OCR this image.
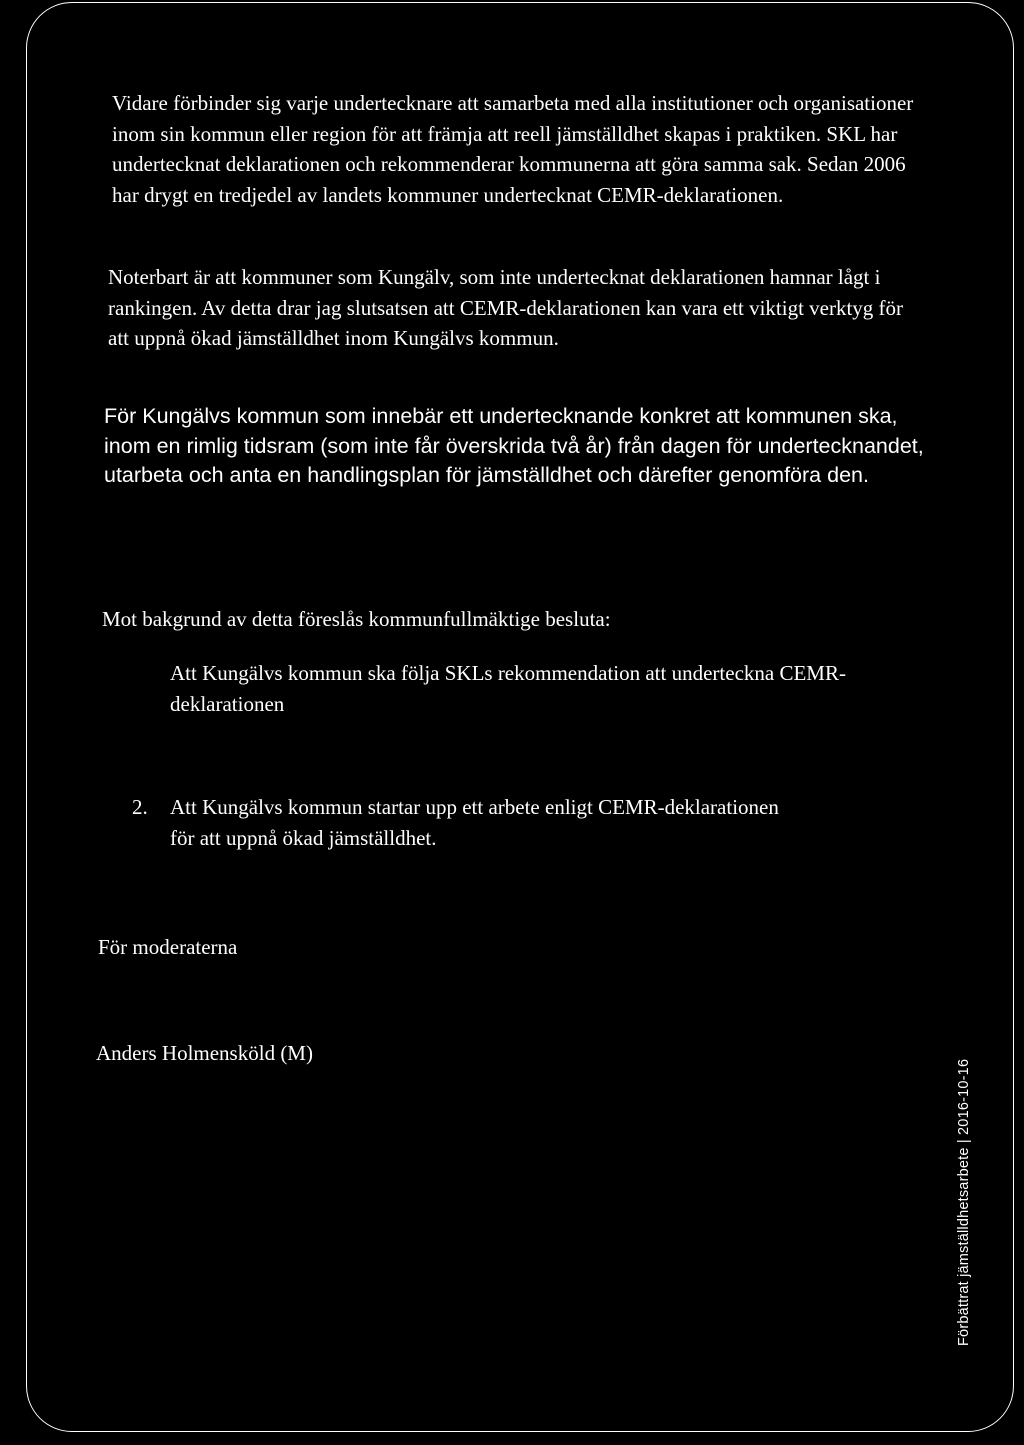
Vidare förbinder sig varje undertecknare att samarbeta med alla institutioner och organisationer inom sin kommun eller region för att främja att reell jämställdhet skapas i praktiken. SKL har undertecknat deklarationen och rekommenderar kommunerna att göra samma sak. Sedan 2006 har drygt en tredjedel av landets kommuner undertecknat CEMR-deklarationen.

Noterbart är att kommuner som Kungälv, som inte undertecknat deklarationen hamnar lågt i rankingen. Av detta drar jag slutsatsen att CEMR-deklarationen kan vara ett viktigt verktyg för att uppnå ökad jämställdhet inom Kungälvs kommun.

För Kungälvs kommun som innebär ett undertecknande konkret att kommunen ska, inom en rimlig tidsram (som inte får överskrida två år) från dagen för undertecknandet, utarbeta och anta en handlingsplan för jämställdhet och därefter genomföra den.

Mot bakgrund av detta föreslås kommunfullmäktige besluta:

Att Kungälvs kommun ska följa SKLs rekommendation att underteckna CEMR-deklarationen

2. Att Kungälvs kommun startar upp ett arbete enligt CEMR-deklarationen
för att uppnå ökad jämställdhet.

För moderaterna

Anders Holmensköld (M)

Förbättrat jämställdhetsarbete | 2016-10-16
